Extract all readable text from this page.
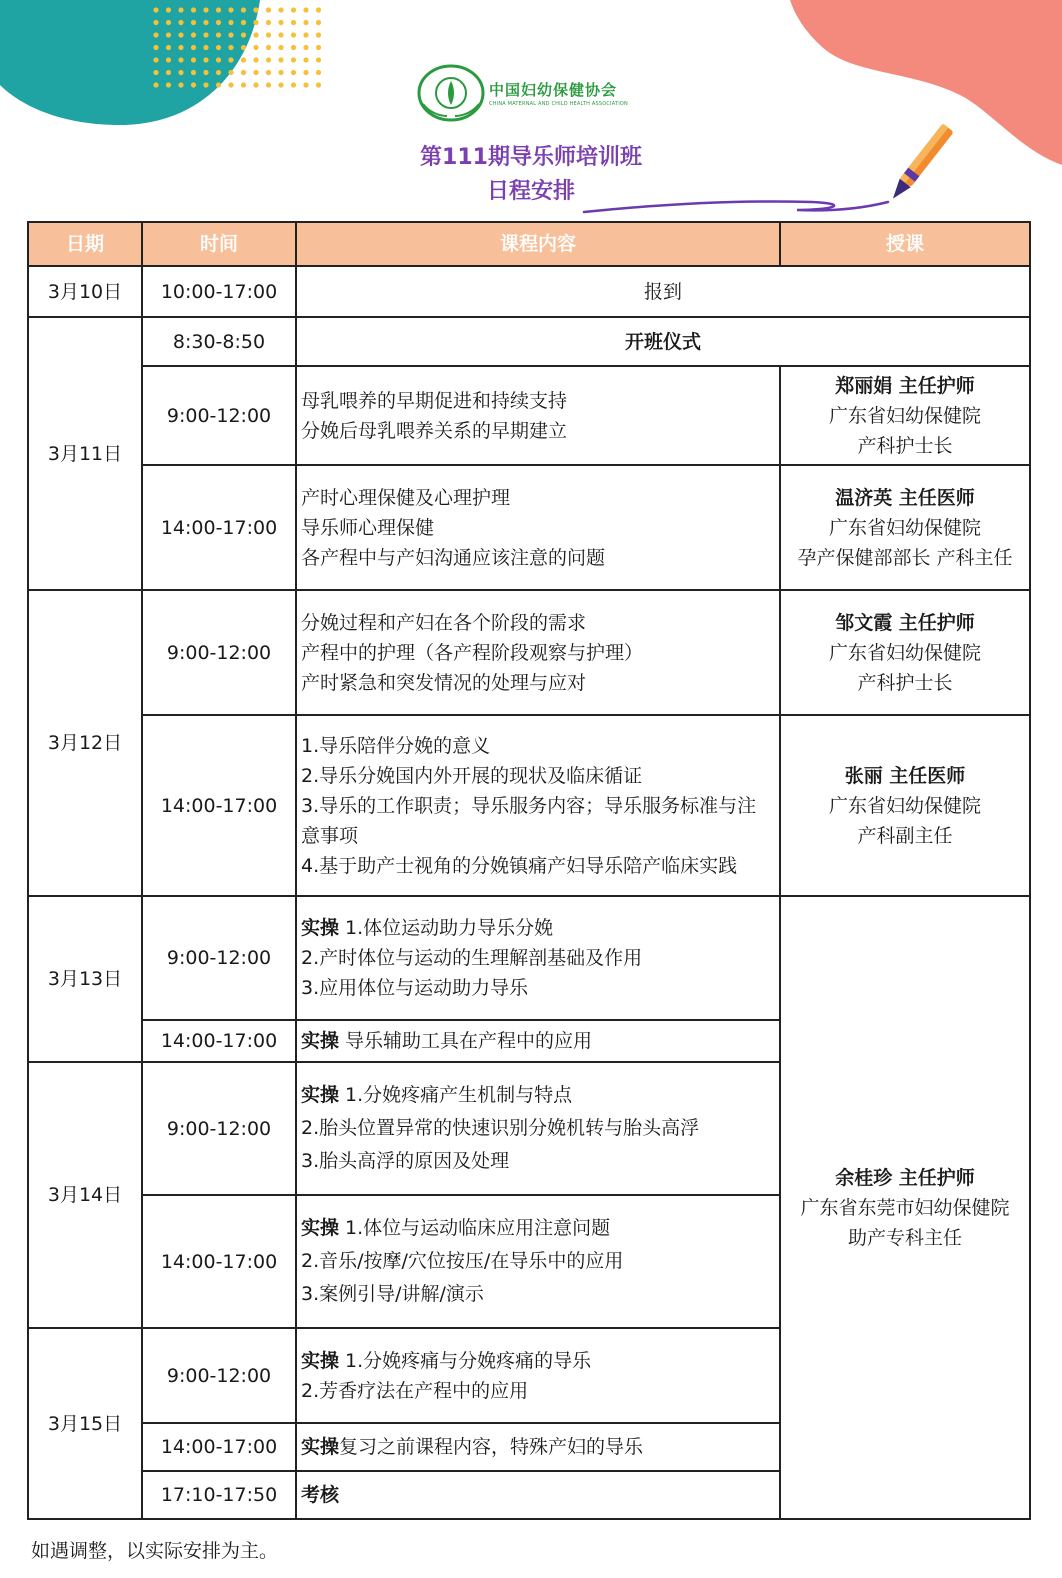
中国妇幼保健协会
CHINA MATERNAL AND CHILD HEALTH ASSOCIATION
第111期导乐师培训班
日程安排
日期	时间	课程内容	授课
3月10日	10:00-17:00	报到	
3月11日	8:30-8:50	开班仪式	
	9:00-12:00	母乳喂养的早期促进和持续支持
分娩后母乳喂养关系的早期建立	郑丽娟 主任护师
广东省妇幼保健院
产科护士长

	14:00-17:00	产时心理保健及心理护理
导乐师心理保健
各产程中与产妇沟通应该注意的问题	温济英 主任医师
广东省妇幼保健院
孕产保健部部长 产科主任

3月12日	9:00-12:00	分娩过程和产妇在各个阶段的需求
产程中的护理（各产程阶段观察与护理）
产时紧急和突发情况的处理与应对	邹文霞 主任护师
广东省妇幼保健院
产科护士长

	14:00-17:00	1.导乐陪伴分娩的意义
2.导乐分娩国内外开展的现状及临床循证
3.导乐的工作职责；导乐服务内容；导乐服务标准与注意事项
4.基于助产士视角的分娩镇痛产妇导乐陪产临床实践	张丽 主任医师
广东省妇幼保健院
产科副主任

3月13日	9:00-12:00	实操 1.体位运动助力导乐分娩
2.产时体位与运动的生理解剖基础及作用
3.应用体位与运动助力导乐	余桂珍 主任护师
广东省东莞市妇幼保健院
助产专科主任

	14:00-17:00	实操 导乐辅助工具在产程中的应用	

3月14日	9:00-12:00	实操 1.分娩疼痛产生机制与特点
2.胎头位置异常的快速识别分娩机转与胎头高浮
3.胎头高浮的原因及处理	

	14:00-17:00	实操 1.体位与运动临床应用注意问题
2.音乐/按摩/穴位按压/在导乐中的应用
3.案例引导/讲解/演示	

3月15日	9:00-12:00	实操 1.分娩疼痛与分娩疼痛的导乐
2.芳香疗法在产程中的应用	

	14:00-17:00	实操复习之前课程内容，特殊产妇的导乐	

	17:10-17:50	考核	
如遇调整，以实际安排为主。
